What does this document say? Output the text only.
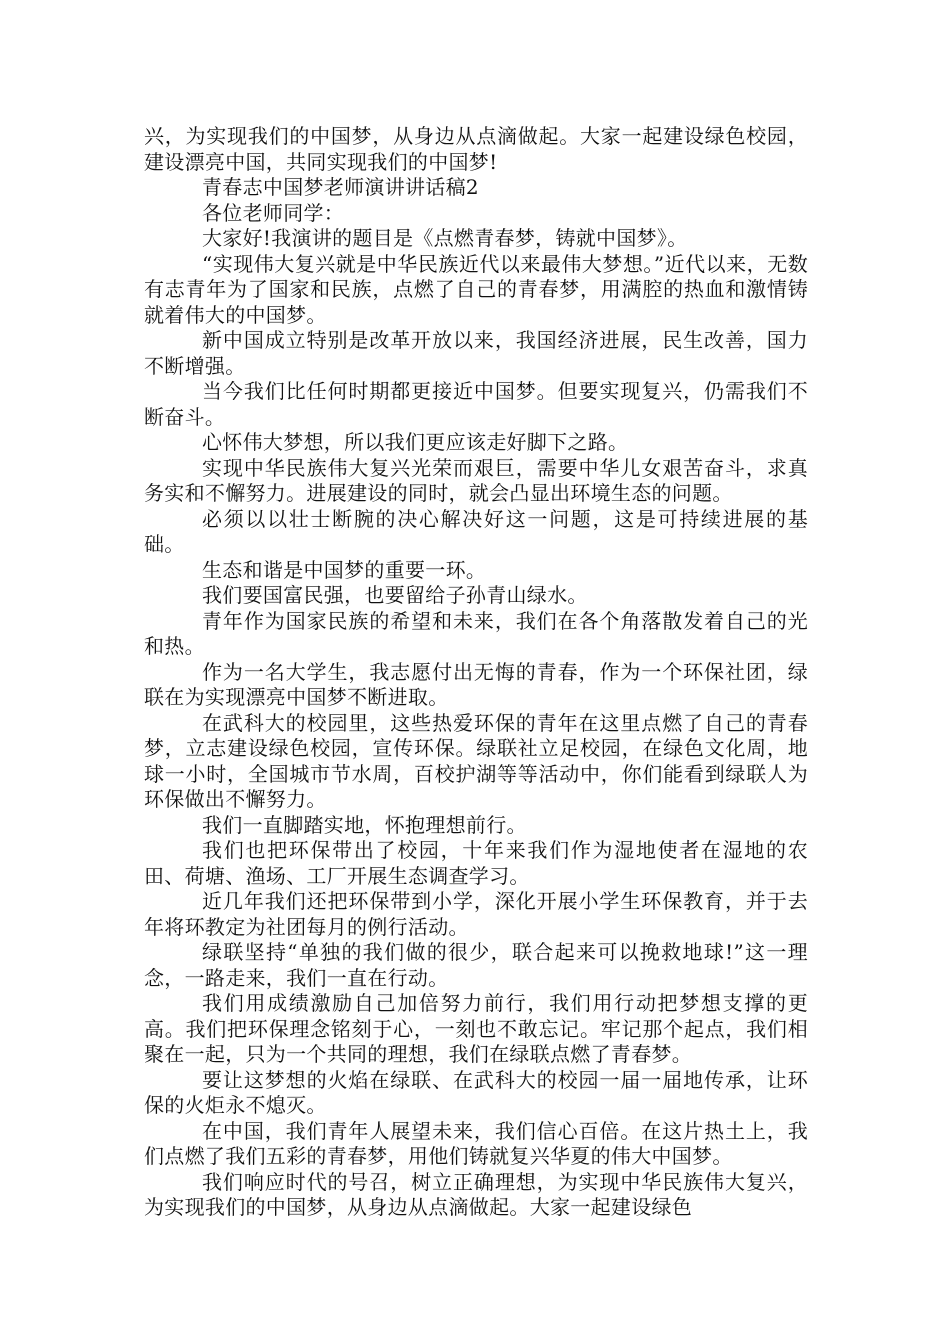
兴，为实现我们的中国梦，从身边从点滴做起。大家一起建设绿色校园，建设漂亮中国，共同实现我们的中国梦!

青春志中国梦老师演讲讲话稿2

各位老师同学：

大家好!我演讲的题目是《点燃青春梦，铸就中国梦》。

“实现伟大复兴就是中华民族近代以来最伟大梦想。”近代以来，无数有志青年为了国家和民族，点燃了自己的青春梦，用满腔的热血和激情铸就着伟大的中国梦。

新中国成立特别是改革开放以来，我国经济进展，民生改善，国力不断增强。

当今我们比任何时期都更接近中国梦。但要实现复兴，仍需我们不断奋斗。

心怀伟大梦想，所以我们更应该走好脚下之路。

实现中华民族伟大复兴光荣而艰巨，需要中华儿女艰苦奋斗，求真务实和不懈努力。进展建设的同时，就会凸显出环境生态的问题。

必须以以壮士断腕的决心解决好这一问题，这是可持续进展的基础。

生态和谐是中国梦的重要一环。

我们要国富民强，也要留给子孙青山绿水。

青年作为国家民族的希望和未来，我们在各个角落散发着自己的光和热。

作为一名大学生，我志愿付出无悔的青春，作为一个环保社团，绿联在为实现漂亮中国梦不断进取。

在武科大的校园里，这些热爱环保的青年在这里点燃了自己的青春梦，立志建设绿色校园，宣传环保。绿联社立足校园，在绿色文化周，地球一小时，全国城市节水周，百校护湖等等活动中，你们能看到绿联人为环保做出不懈努力。

我们一直脚踏实地，怀抱理想前行。

我们也把环保带出了校园，十年来我们作为湿地使者在湿地的农田、荷塘、渔场、工厂开展生态调查学习。

近几年我们还把环保带到小学，深化开展小学生环保教育，并于去年将环教定为社团每月的例行活动。

绿联坚持“单独的我们做的很少，联合起来可以挽救地球!”这一理念，一路走来，我们一直在行动。

我们用成绩激励自己加倍努力前行，我们用行动把梦想支撑的更高。我们把环保理念铭刻于心，一刻也不敢忘记。牢记那个起点，我们相聚在一起，只为一个共同的理想，我们在绿联点燃了青春梦。

要让这梦想的火焰在绿联、在武科大的校园一届一届地传承，让环保的火炬永不熄灭。

在中国，我们青年人展望未来，我们信心百倍。在这片热土上，我们点燃了我们五彩的青春梦，用他们铸就复兴华夏的伟大中国梦。

我们响应时代的号召，树立正确理想，为实现中华民族伟大复兴，为实现我们的中国梦，从身边从点滴做起。大家一起建设绿色
